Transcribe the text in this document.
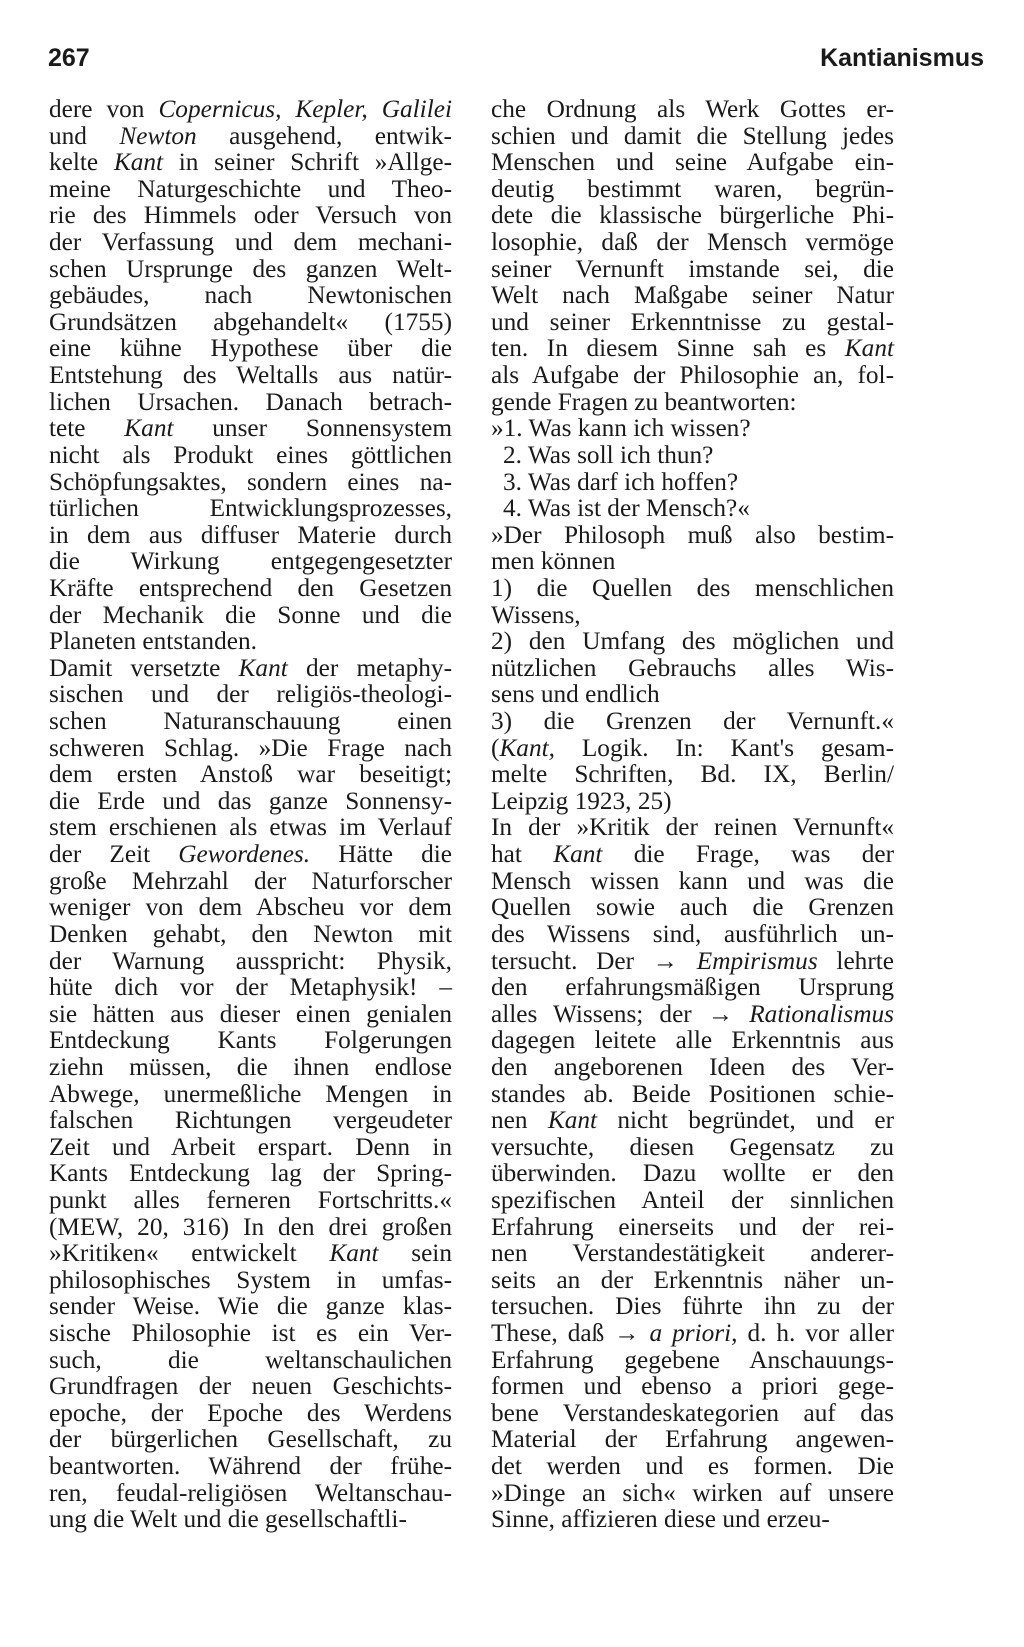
267	Kantianismus
dere von Copernicus, Kepler, Galilei
und Newton ausgehend, entwik-
kelte Kant in seiner Schrift »Allge-
meine Naturgeschichte und Theo-
rie des Himmels oder Versuch von
der Verfassung und dem mechani-
schen Ursprunge des ganzen Welt-
gebäudes, nach Newtonischen
Grundsätzen abgehandelt« (1755)
eine kühne Hypothese über die
Entstehung des Weltalls aus natür-
lichen Ursachen. Danach betrach-
tete Kant unser Sonnensystem
nicht als Produkt eines göttlichen
Schöpfungsaktes, sondern eines na-
türlichen Entwicklungsprozesses,
in dem aus diffuser Materie durch
die Wirkung entgegengesetzter
Kräfte entsprechend den Gesetzen
der Mechanik die Sonne und die
Planeten entstanden.
Damit versetzte Kant der metaphy-
sischen und der religiös-theologi-
schen Naturanschauung einen
schweren Schlag. »Die Frage nach
dem ersten Anstoß war beseitigt;
die Erde und das ganze Sonnensy-
stem erschienen als etwas im Verlauf
der Zeit Gewordenes. Hätte die
große Mehrzahl der Naturforscher
weniger von dem Abscheu vor dem
Denken gehabt, den Newton mit
der Warnung ausspricht: Physik,
hüte dich vor der Metaphysik! –
sie hätten aus dieser einen genialen
Entdeckung Kants Folgerungen
ziehn müssen, die ihnen endlose
Abwege, unermeßliche Mengen in
falschen Richtungen vergeudeter
Zeit und Arbeit erspart. Denn in
Kants Entdeckung lag der Spring-
punkt alles ferneren Fortschritts.«
(MEW, 20, 316) In den drei großen
»Kritiken« entwickelt Kant sein
philosophisches System in umfas-
sender Weise. Wie die ganze klas-
sische Philosophie ist es ein Ver-
such, die weltanschaulichen
Grundfragen der neuen Geschichts-
epoche, der Epoche des Werdens
der bürgerlichen Gesellschaft, zu
beantworten. Während der frühe-
ren, feudal-religiösen Weltanschau-
ung die Welt und die gesellschaftli-
che Ordnung als Werk Gottes er-
schien und damit die Stellung jedes
Menschen und seine Aufgabe ein-
deutig bestimmt waren, begrün-
dete die klassische bürgerliche Phi-
losophie, daß der Mensch vermöge
seiner Vernunft imstande sei, die
Welt nach Maßgabe seiner Natur
und seiner Erkenntnisse zu gestal-
ten. In diesem Sinne sah es Kant
als Aufgabe der Philosophie an, fol-
gende Fragen zu beantworten:
»1. Was kann ich wissen?
2. Was soll ich thun?
3. Was darf ich hoffen?
4. Was ist der Mensch?«
»Der Philosoph muß also bestim-
men können
1) die Quellen des menschlichen
Wissens,
2) den Umfang des möglichen und
nützlichen Gebrauchs alles Wis-
sens und endlich
3) die Grenzen der Vernunft.«
(Kant, Logik. In: Kant's gesam-
melte Schriften, Bd. IX, Berlin/
Leipzig 1923, 25)
In der »Kritik der reinen Vernunft«
hat Kant die Frage, was der
Mensch wissen kann und was die
Quellen sowie auch die Grenzen
des Wissens sind, ausführlich un-
tersucht. Der → Empirismus lehrte
den erfahrungsmäßigen Ursprung
alles Wissens; der → Rationalismus
dagegen leitete alle Erkenntnis aus
den angeborenen Ideen des Ver-
standes ab. Beide Positionen schie-
nen Kant nicht begründet, und er
versuchte, diesen Gegensatz zu
überwinden. Dazu wollte er den
spezifischen Anteil der sinnlichen
Erfahrung einerseits und der rei-
nen Verstandestätigkeit anderer-
seits an der Erkenntnis näher un-
tersuchen. Dies führte ihn zu der
These, daß → a priori, d. h. vor aller
Erfahrung gegebene Anschauungs-
formen und ebenso a priori gege-
bene Verstandeskategorien auf das
Material der Erfahrung angewen-
det werden und es formen. Die
»Dinge an sich« wirken auf unsere
Sinne, affizieren diese und erzeu-
